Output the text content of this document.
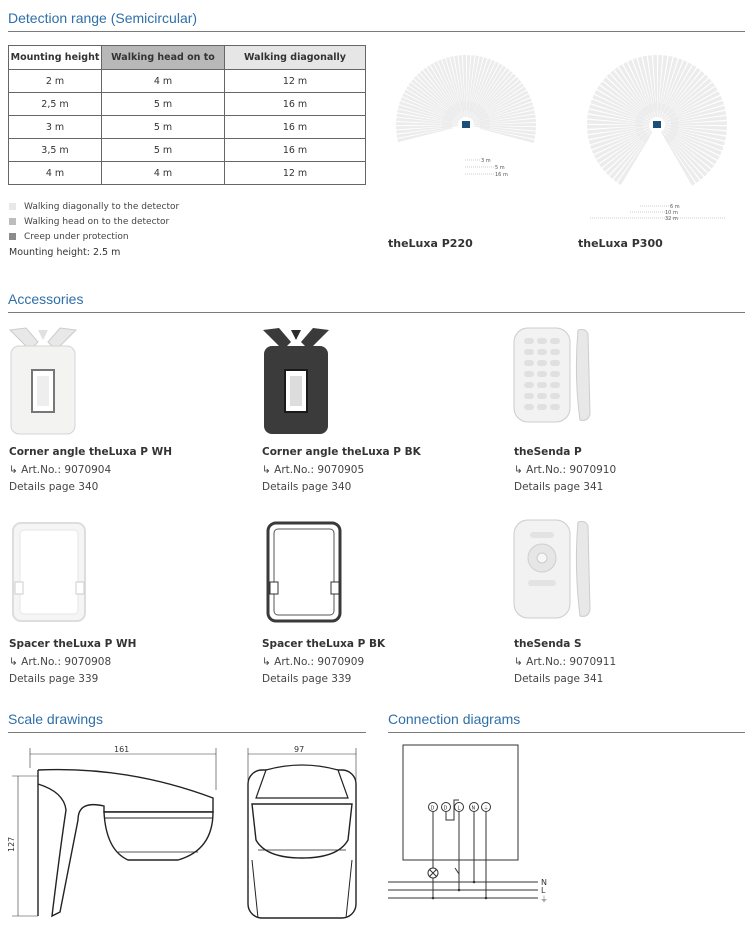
Detection range (Semicircular)
Mounting height	Walking head on to	Walking diagonally
2 m	4 m	12 m
2,5 m	5 m	16 m
3 m	5 m	16 m
3,5 m	5 m	16 m
4 m	4 m	12 m
Walking diagonally to the detector
Walking head on to the detector
Creep under protection
Mounting height: 2.5 m
3 m
5 m
16 m
theLuxa P220
6 m
10 m
32 m
theLuxa P300
Accessories
Corner angle theLuxa P WH
↳ Art.No.: 9070904
Details page 340
Corner angle theLuxa P BK
↳ Art.No.: 9070905
Details page 340
theSenda P
↳ Art.No.: 9070910
Details page 341
Spacer theLuxa P WH
↳ Art.No.: 9070908
Details page 339
Spacer theLuxa P BK
↳ Art.No.: 9070909
Details page 339
theSenda S
↳ Art.No.: 9070911
Details page 341
Scale drawings
161
127
97
Connection diagrams
D D L N ⏚
N
L
⏚
